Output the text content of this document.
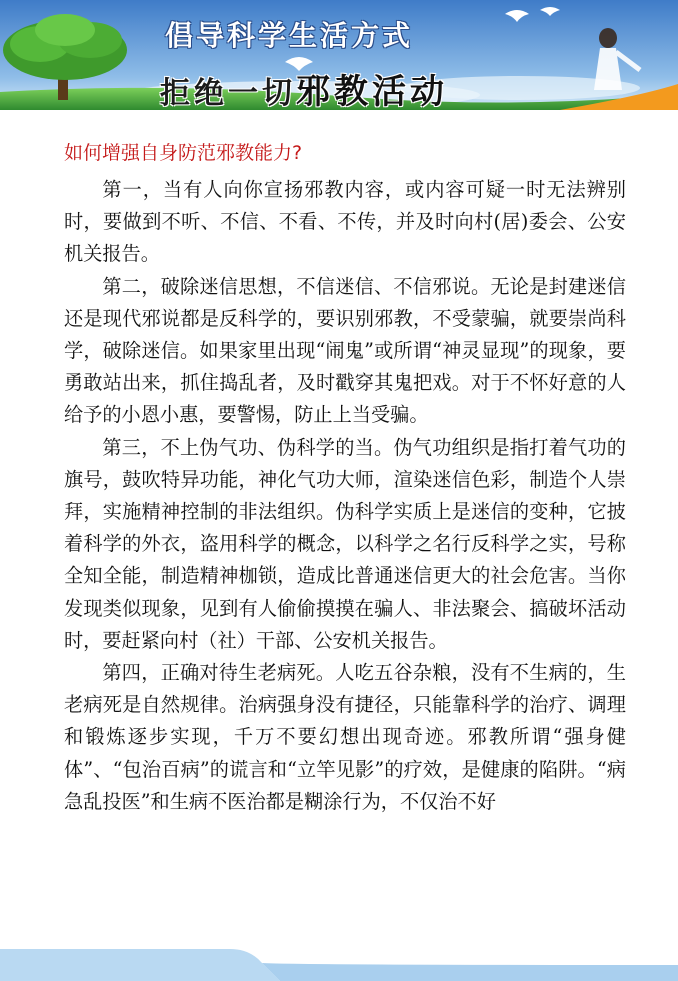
倡导科学生活方式
拒绝一切邪教活动
如何增强自身防范邪教能力?

第一，当有人向你宣扬邪教内容，或内容可疑一时无法辨别时，要做到不听、不信、不看、不传，并及时向村(居)委会、公安机关报告。

第二，破除迷信思想，不信迷信、不信邪说。无论是封建迷信还是现代邪说都是反科学的，要识别邪教，不受蒙骗，就要崇尚科学，破除迷信。如果家里出现“闹鬼”或所谓“神灵显现”的现象，要勇敢站出来，抓住捣乱者，及时戳穿其鬼把戏。对于不怀好意的人给予的小恩小惠，要警惕，防止上当受骗。

第三，不上伪气功、伪科学的当。伪气功组织是指打着气功的旗号，鼓吹特异功能，神化气功大师，渲染迷信色彩，制造个人崇拜，实施精神控制的非法组织。伪科学实质上是迷信的变种，它披着科学的外衣，盗用科学的概念，以科学之名行反科学之实，号称全知全能，制造精神枷锁，造成比普通迷信更大的社会危害。当你发现类似现象，见到有人偷偷摸摸在骗人、非法聚会、搞破坏活动时，要赶紧向村（社）干部、公安机关报告。

第四，正确对待生老病死。人吃五谷杂粮，没有不生病的，生老病死是自然规律。治病强身没有捷径，只能靠科学的治疗、调理和锻炼逐步实现，千万不要幻想出现奇迹。邪教所谓“强身健体”、“包治百病”的谎言和“立竿见影”的疗效，是健康的陷阱。“病急乱投医”和生病不医治都是糊涂行为，不仅治不好
